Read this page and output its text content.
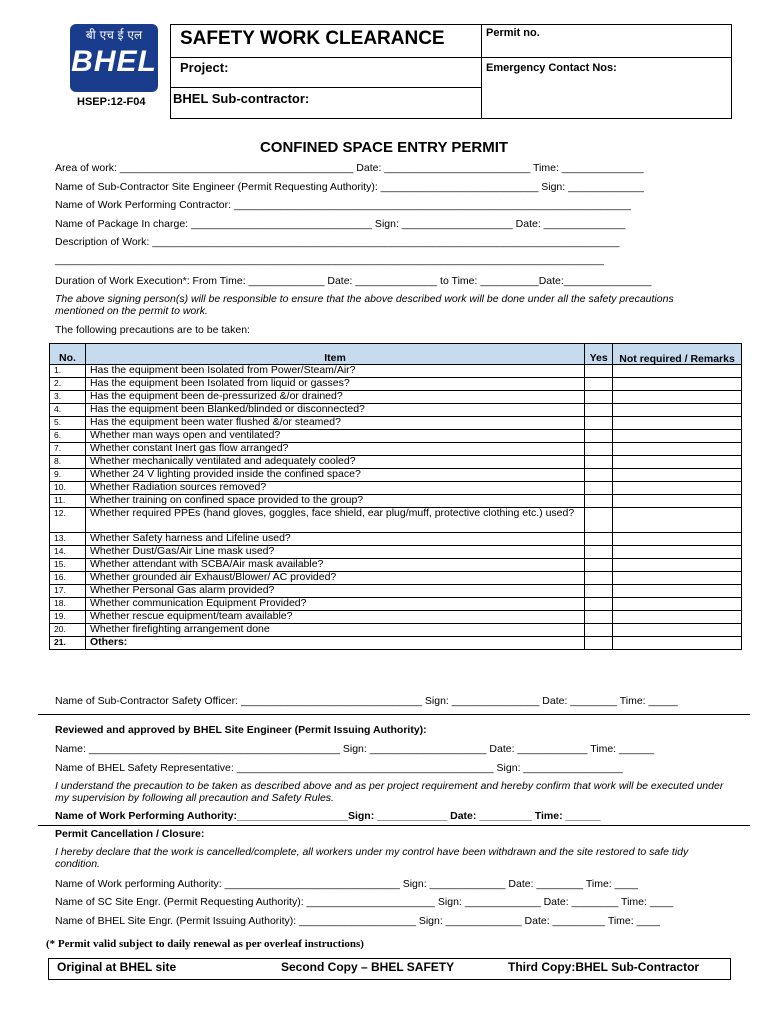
बी एच ई एल
BHEL
HSEP:12-F04
SAFETY WORK CLEARANCE	Permit no.
Project:	Emergency Contact Nos:
BHEL Sub-contractor:
CONFINED SPACE ENTRY PERMIT
Area of work: ________________________________________ Date: _________________________ Time: ______________
Name of Sub-Contractor Site Engineer (Permit Requesting Authority): ___________________________ Sign: _____________
Name of Work Performing Contractor: ____________________________________________________________________
Name of Package In charge: _______________________________ Sign: ___________________ Date: ______________
Description of Work: ________________________________________________________________________________
______________________________________________________________________________________________
Duration of Work Execution*: From Time: _____________ Date: ______________ to Time: __________Date:_______________
The above signing person(s) will be responsible to ensure that the above described work will be done under all the safety precautions mentioned on the permit to work.
The following precautions are to be taken:
No.	Item	Yes	Not required / Remarks
1.	Has the equipment been Isolated from Power/Steam/Air?		
2.	Has the equipment been Isolated from liquid or gasses?		
3.	Has the equipment been de-pressurized &/or drained?		
4.	Has the equipment been Blanked/blinded or disconnected?		
5.	Has the equipment been water flushed &/or steamed?		
6.	Whether man ways open and ventilated?		
7.	Whether constant Inert gas flow arranged?		
8.	Whether mechanically ventilated and adequately cooled?		
9.	Whether 24 V lighting provided inside the confined space?		
10.	Whether Radiation sources removed?		
11.	Whether training on confined space provided to the group?		
12.	Whether required PPEs (hand gloves, goggles, face shield, ear plug/muff, protective clothing etc.) used?		
13.	Whether Safety harness and Lifeline used?		
14.	Whether Dust/Gas/Air Line mask used?		
15.	Whether attendant with SCBA/Air mask available?		
16.	Whether grounded air Exhaust/Blower/ AC provided?		
17.	Whether Personal Gas alarm provided?		
18.	Whether communication Equipment Provided?		
19.	Whether rescue equipment/team available?		
20.	Whether firefighting arrangement done		
21.	Others:		
Name of Sub-Contractor Safety Officer: _______________________________ Sign: _______________ Date: ________ Time: _____
Reviewed and approved by BHEL Site Engineer (Permit Issuing Authority):
Name: ___________________________________________ Sign: ____________________ Date: ____________ Time: ______
Name of BHEL Safety Representative: ____________________________________________ Sign: _________________
I understand the precaution to be taken as described above and as per project requirement and hereby confirm that work will be executed under my supervision by following all precaution and Safety Rules.
Name of Work Performing Authority:___________________Sign: ____________ Date: _________ Time: ______
Permit Cancellation / Closure:
I hereby declare that the work is cancelled/complete, all workers under my control have been withdrawn and the site restored to safe tidy condition.
Name of Work performing Authority: ______________________________ Sign: _____________ Date: ________ Time: ____
Name of SC Site Engr. (Permit Requesting Authority): ______________________ Sign: _____________ Date: ________ Time: ____
Name of BHEL Site Engr. (Permit Issuing Authority): ____________________ Sign: _____________ Date: _________ Time: ____
(* Permit valid subject to daily renewal as per overleaf instructions)
Original at BHEL site	Second Copy – BHEL SAFETY	Third Copy:BHEL Sub-Contractor
